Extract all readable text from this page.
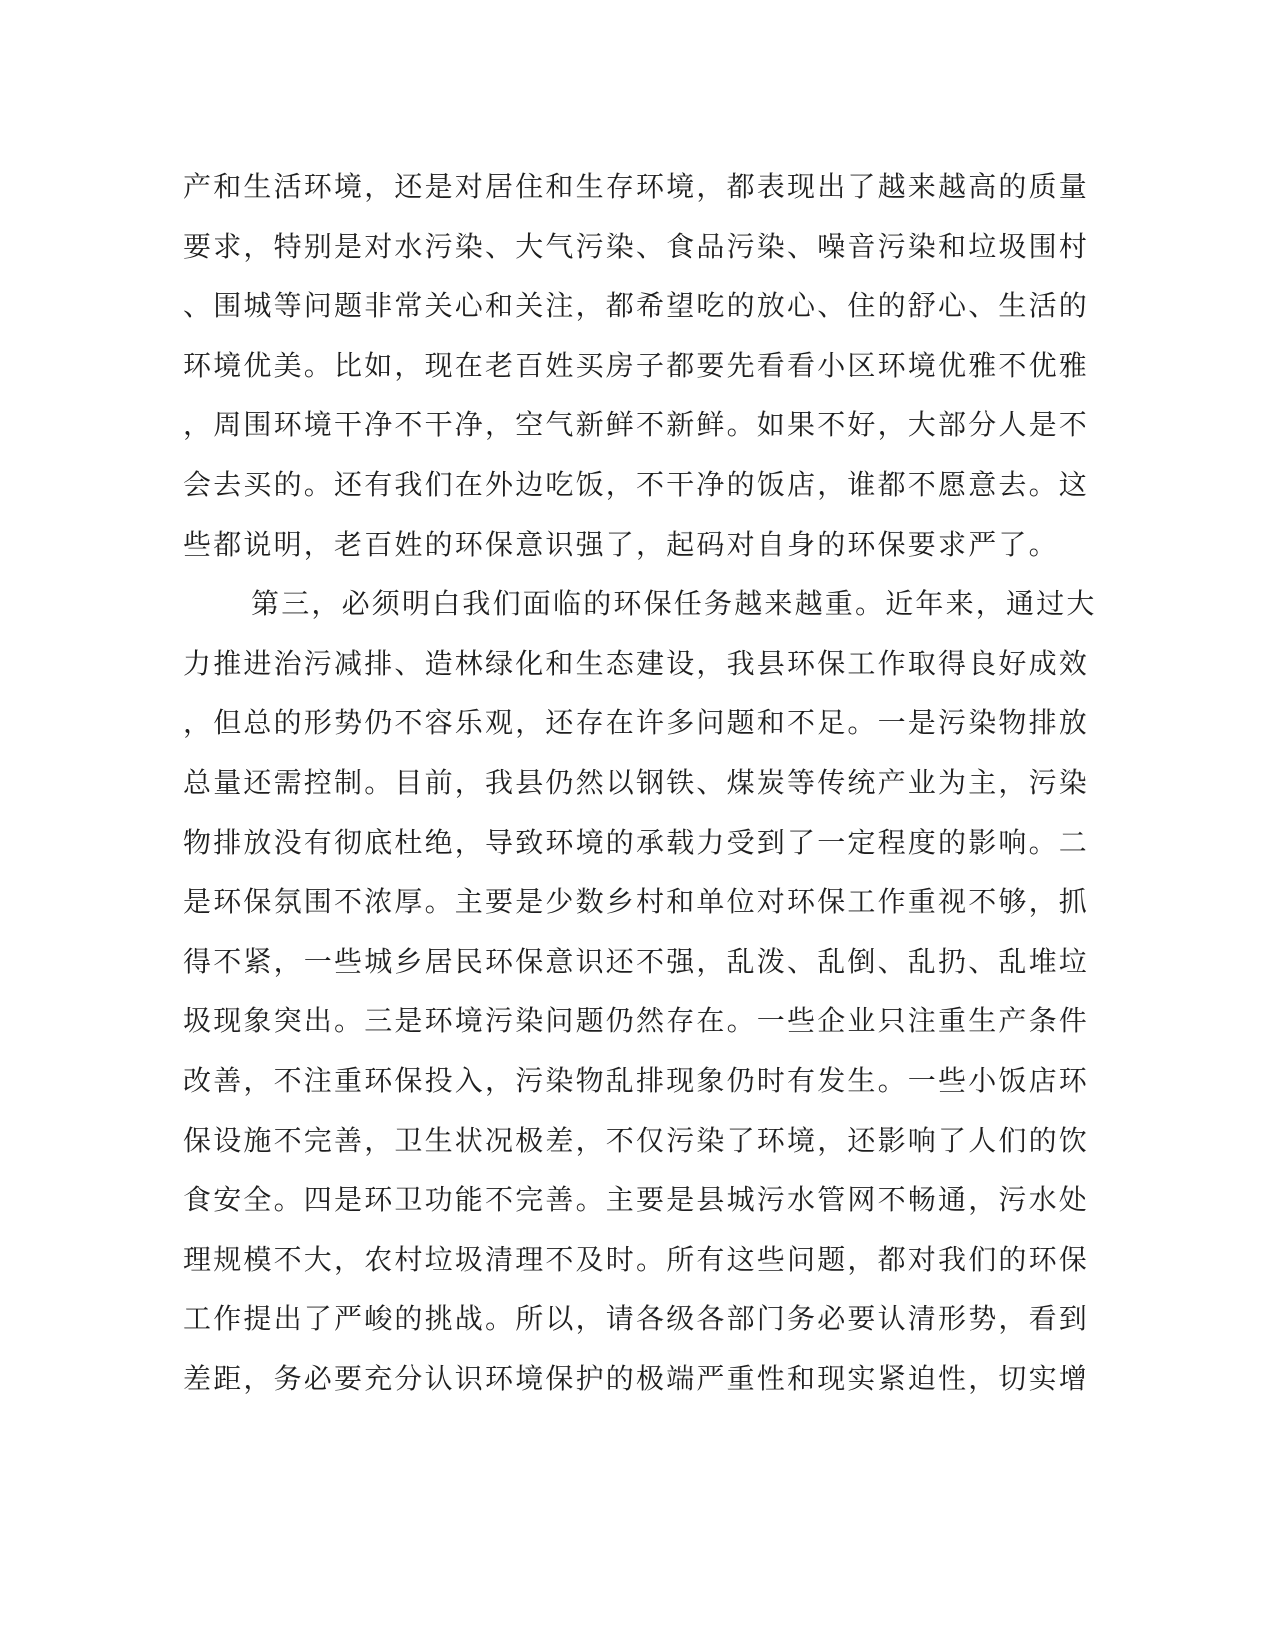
产和生活环境，还是对居住和生存环境，都表现出了越来越高的质量
要求，特别是对水污染、大气污染、食品污染、噪音污染和垃圾围村
、围城等问题非常关心和关注，都希望吃的放心、住的舒心、生活的
环境优美。比如，现在老百姓买房子都要先看看小区环境优雅不优雅
，周围环境干净不干净，空气新鲜不新鲜。如果不好，大部分人是不
会去买的。还有我们在外边吃饭，不干净的饭店，谁都不愿意去。这
些都说明，老百姓的环保意识强了，起码对自身的环保要求严了。
第三，必须明白我们面临的环保任务越来越重。近年来，通过大
力推进治污减排、造林绿化和生态建设，我县环保工作取得良好成效
，但总的形势仍不容乐观，还存在许多问题和不足。一是污染物排放
总量还需控制。目前，我县仍然以钢铁、煤炭等传统产业为主，污染
物排放没有彻底杜绝，导致环境的承载力受到了一定程度的影响。二
是环保氛围不浓厚。主要是少数乡村和单位对环保工作重视不够，抓
得不紧，一些城乡居民环保意识还不强，乱泼、乱倒、乱扔、乱堆垃
圾现象突出。三是环境污染问题仍然存在。一些企业只注重生产条件
改善，不注重环保投入，污染物乱排现象仍时有发生。一些小饭店环
保设施不完善，卫生状况极差，不仅污染了环境，还影响了人们的饮
食安全。四是环卫功能不完善。主要是县城污水管网不畅通，污水处
理规模不大，农村垃圾清理不及时。所有这些问题，都对我们的环保
工作提出了严峻的挑战。所以，请各级各部门务必要认清形势，看到
差距，务必要充分认识环境保护的极端严重性和现实紧迫性，切实增
